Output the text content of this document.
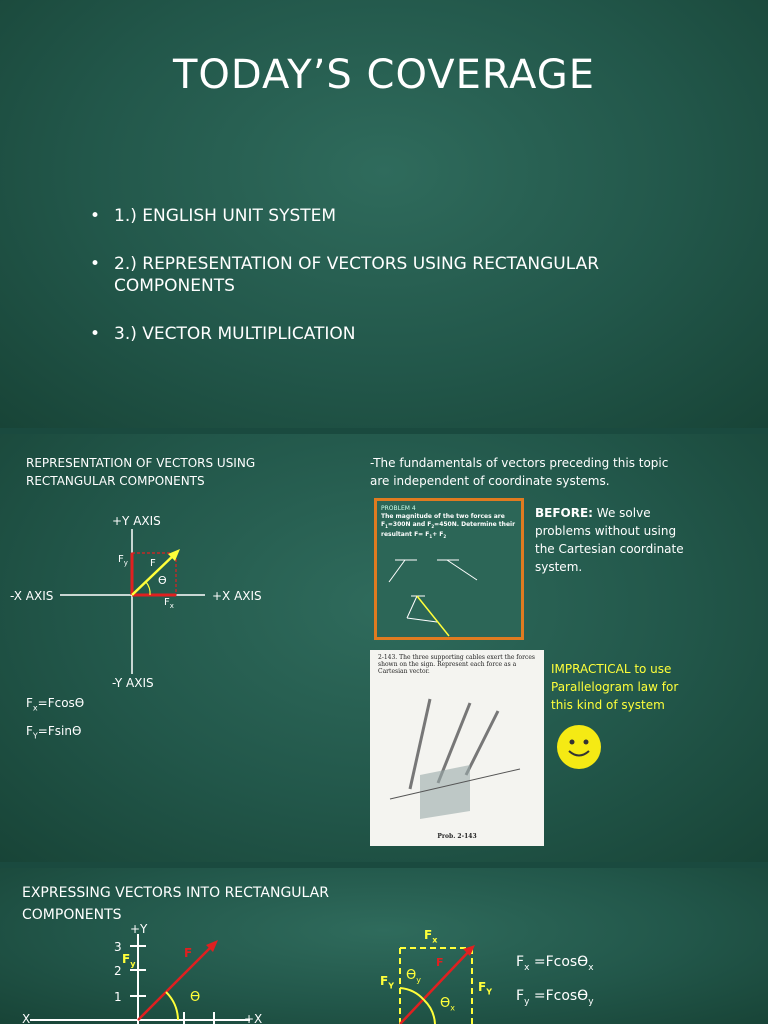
TODAY’S COVERAGE
• 1.) ENGLISH UNIT SYSTEM
• 2.) REPRESENTATION OF VECTORS USING RECTANGULAR COMPONENTS
• 3.) VECTOR MULTIPLICATION
REPRESENTATION OF VECTORS USING
RECTANGULAR COMPONENTS
+Y AXIS
-Y AXIS
+X AXIS
-X AXIS
$F_y$ F
ϴ
$F_x$
$F_x=Fcosϴ$
$F_Y=Fsinϴ$
-The fundamentals of vectors preceding this topic
are independent of coordinate systems.
PROBLEM 4
The magnitude of the two forces are $F_1=300N$ and $F_2=450N$. Determine their resultant $F= F_1+ F_2$
BEFORE: We solve problems without using the Cartesian coordinate system.
2-143. The three supporting cables exert the forces shown on the sign. Represent each force as a Cartesian vector.
Prob. 2-143
IMPRACTICAL to use Parallelogram law for this kind of system
EXPRESSING VECTORS INTO RECTANGULAR
COMPONENTS
+Y
3
2
1
$F_y$
F
ϴ
X	+X
$F_x$
$F_Y$	$F_Y$
F
$ϴ_y$
$ϴ_x$
$F_x =Fcosϴ_x$
$F_y =Fcosϴ_y$
